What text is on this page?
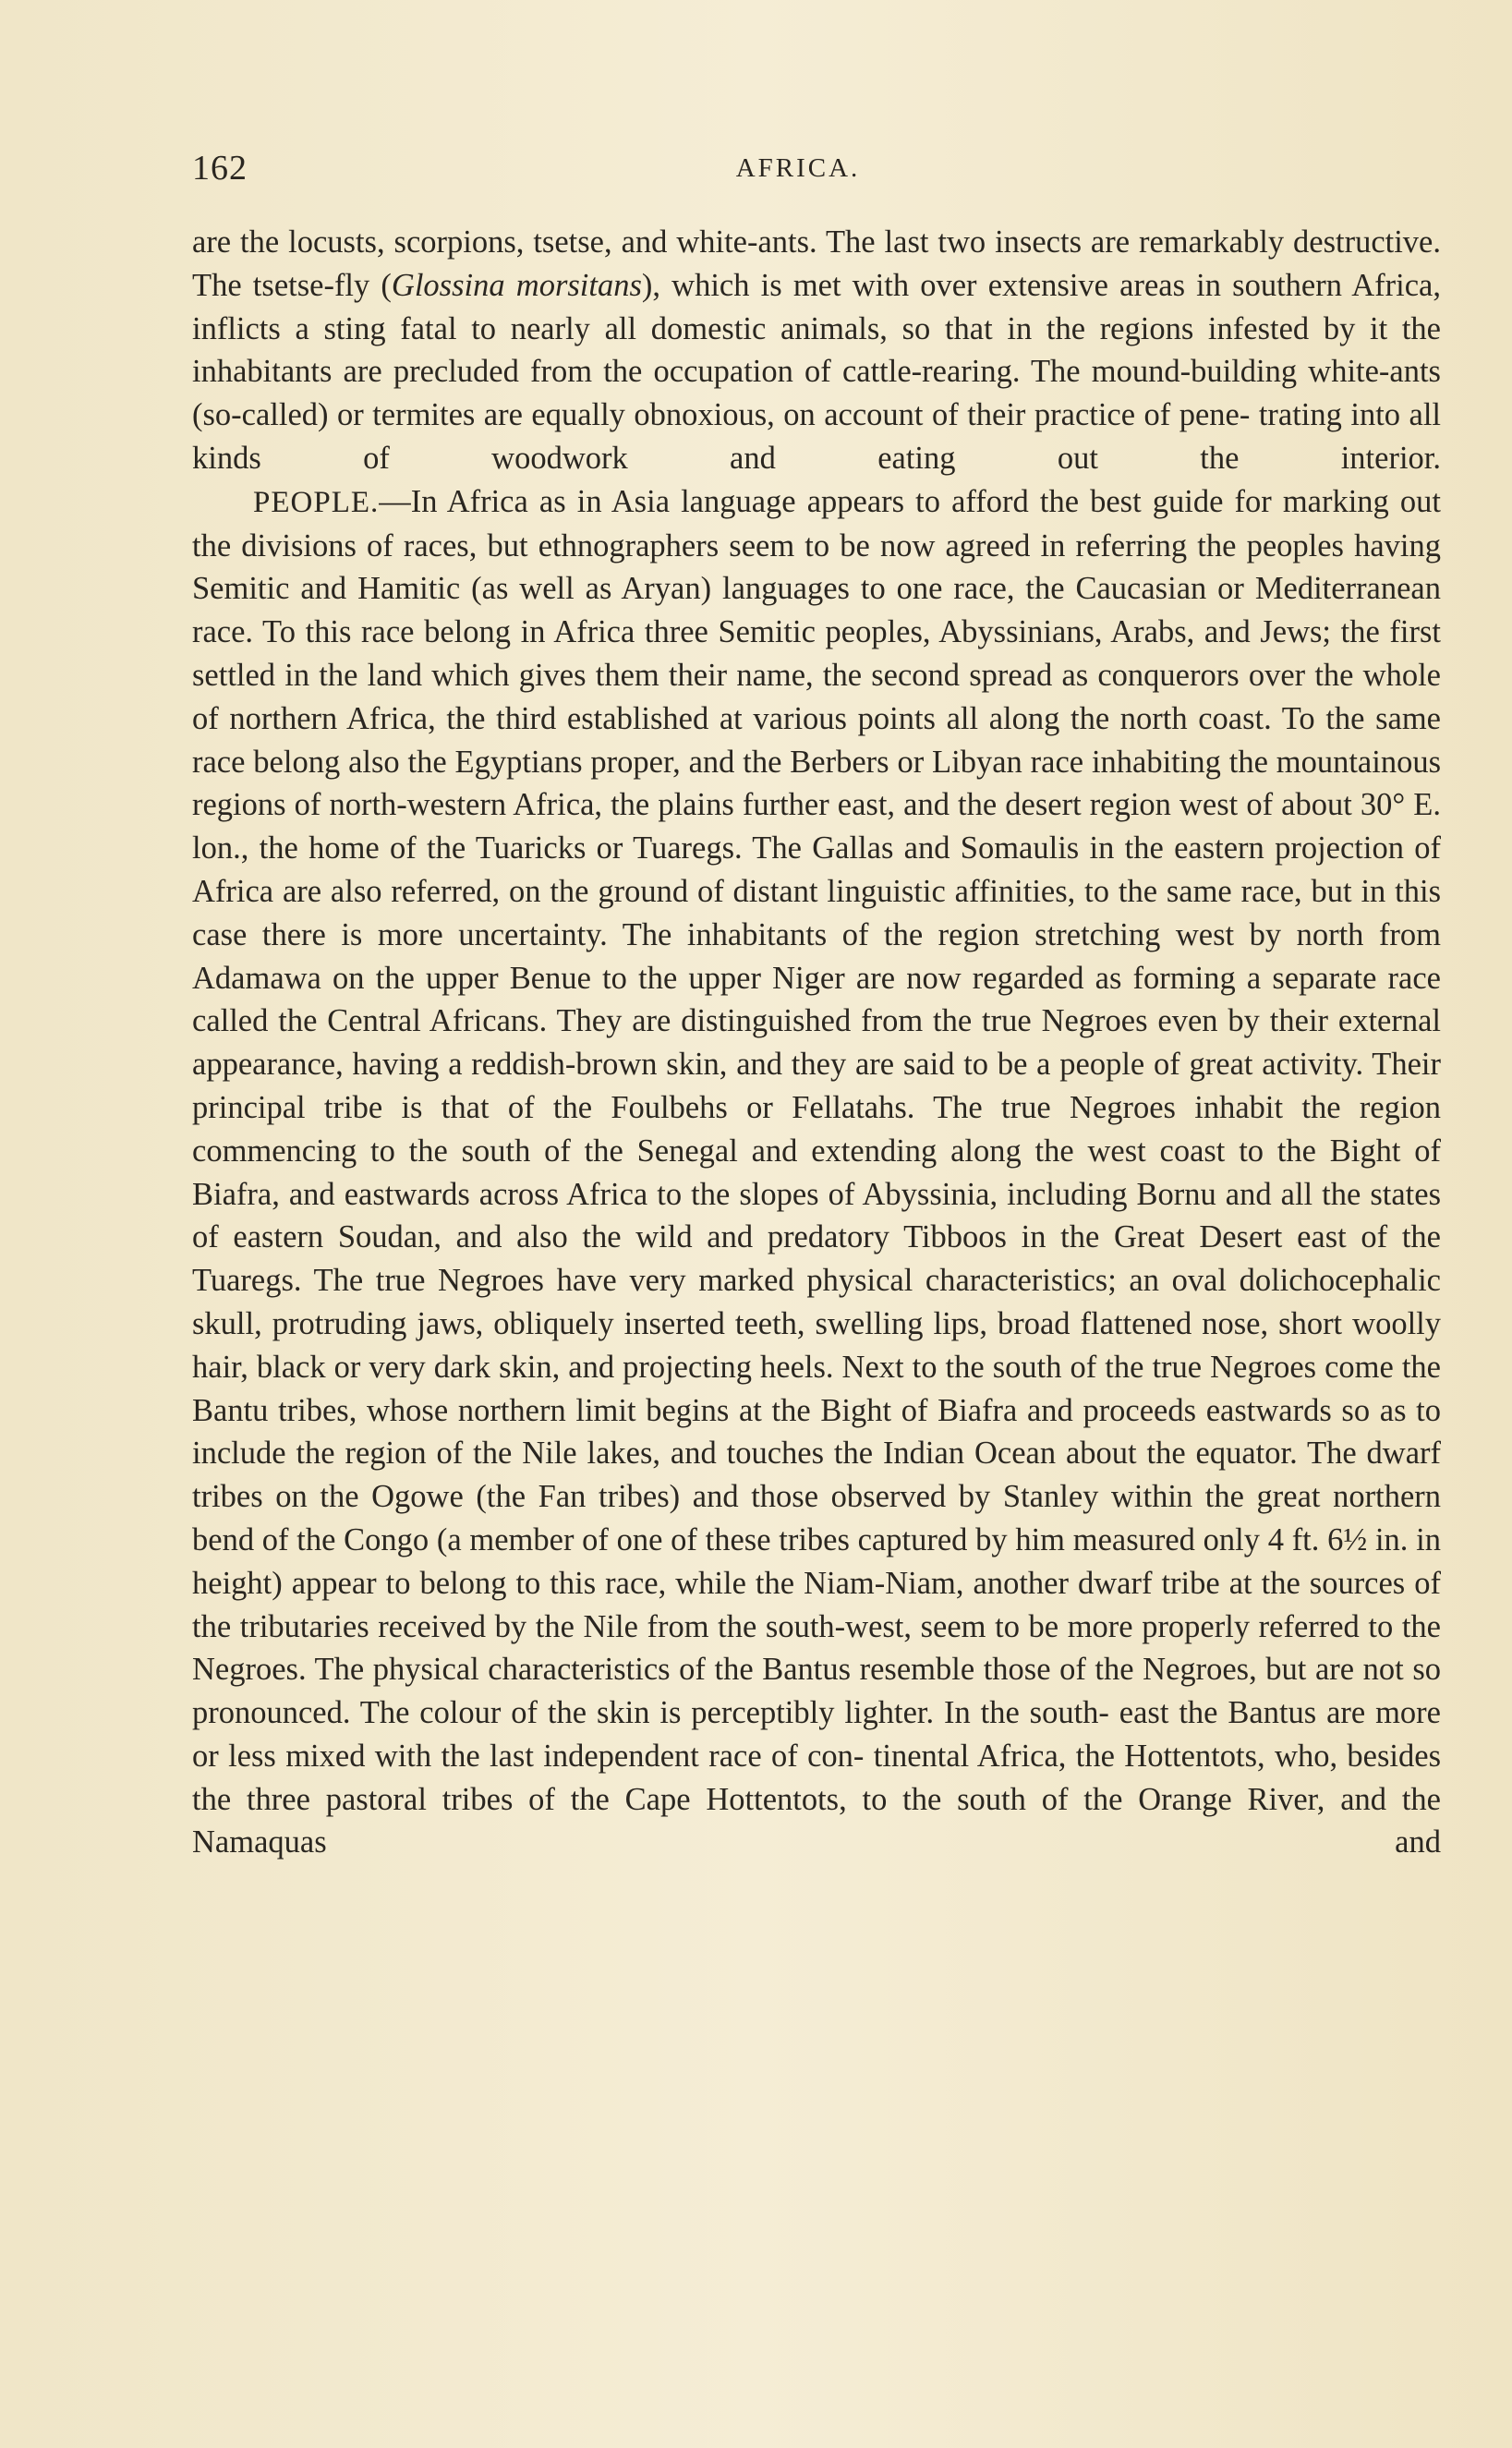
162	AFRICA.

are the locusts, scorpions, tsetse, and white-ants. The last two insects are remarkably destructive. The tsetse-fly (Glossina morsitans), which is met with over extensive areas in southern Africa, inflicts a sting fatal to nearly all domestic animals, so that in the regions infested by it the inhabitants are precluded from the occupation of cattle-rearing. The mound-building white-ants (so-called) or termites are equally obnoxious, on account of their practice of pene- trating into all kinds of woodwork and eating out the interior.

PEOPLE.—In Africa as in Asia language appears to afford the best guide for marking out the divisions of races, but ethnographers seem to be now agreed in referring the peoples having Semitic and Hamitic (as well as Aryan) languages to one race, the Caucasian or Mediterranean race. To this race belong in Africa three Semitic peoples, Abyssinians, Arabs, and Jews; the first settled in the land which gives them their name, the second spread as conquerors over the whole of northern Africa, the third established at various points all along the north coast. To the same race belong also the Egyptians proper, and the Berbers or Libyan race inhabiting the mountainous regions of north-western Africa, the plains further east, and the desert region west of about 30° E. lon., the home of the Tuaricks or Tuaregs. The Gallas and Somaulis in the eastern projection of Africa are also referred, on the ground of distant linguistic affinities, to the same race, but in this case there is more uncertainty. The inhabitants of the region stretching west by north from Adamawa on the upper Benue to the upper Niger are now regarded as forming a separate race called the Central Africans. They are distinguished from the true Negroes even by their external appearance, having a reddish-brown skin, and they are said to be a people of great activity. Their principal tribe is that of the Foulbehs or Fellatahs. The true Negroes inhabit the region commencing to the south of the Senegal and extending along the west coast to the Bight of Biafra, and eastwards across Africa to the slopes of Abyssinia, including Bornu and all the states of eastern Soudan, and also the wild and predatory Tibboos in the Great Desert east of the Tuaregs. The true Negroes have very marked physical characteristics; an oval dolichocephalic skull, protruding jaws, obliquely inserted teeth, swelling lips, broad flattened nose, short woolly hair, black or very dark skin, and projecting heels. Next to the south of the true Negroes come the Bantu tribes, whose northern limit begins at the Bight of Biafra and proceeds eastwards so as to include the region of the Nile lakes, and touches the Indian Ocean about the equator. The dwarf tribes on the Ogowe (the Fan tribes) and those observed by Stanley within the great northern bend of the Congo (a member of one of these tribes captured by him measured only 4 ft. 6½ in. in height) appear to belong to this race, while the Niam-Niam, another dwarf tribe at the sources of the tributaries received by the Nile from the south-west, seem to be more properly referred to the Negroes. The physical characteristics of the Bantus resemble those of the Negroes, but are not so pronounced. The colour of the skin is perceptibly lighter. In the south- east the Bantus are more or less mixed with the last independent race of con- tinental Africa, the Hottentots, who, besides the three pastoral tribes of the Cape Hottentots, to the south of the Orange River, and the Namaquas and
